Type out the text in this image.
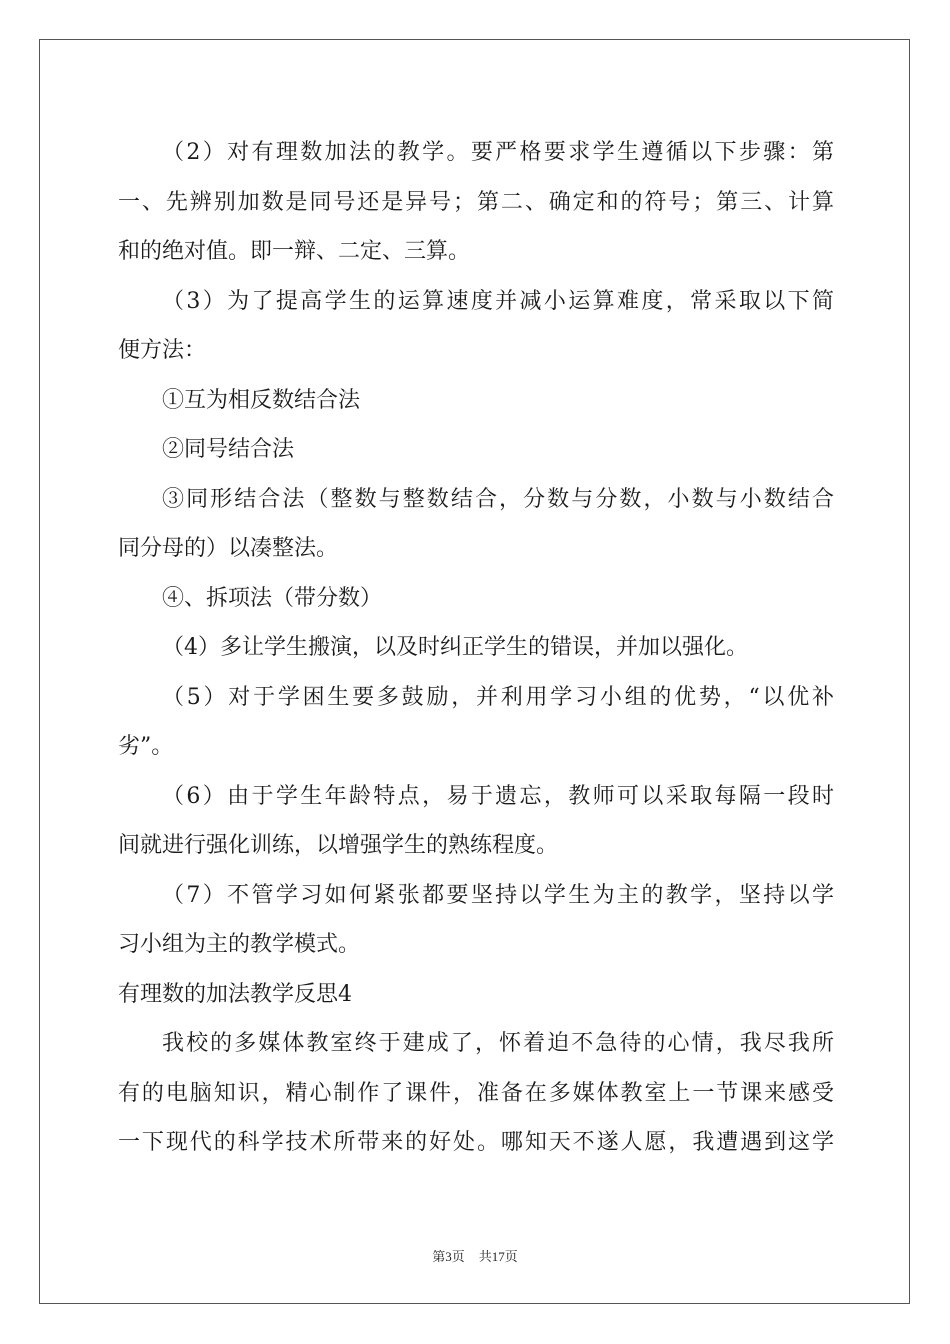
（2）对有理数加法的教学。要严格要求学生遵循以下步骤：第
一、先辨别加数是同号还是异号；第二、确定和的符号；第三、计算
和的绝对值。即一辩、二定、三算。
（3）为了提高学生的运算速度并减小运算难度，常采取以下简
便方法：
①互为相反数结合法
②同号结合法
③同形结合法（整数与整数结合，分数与分数，小数与小数结合
同分母的）以凑整法。
④、拆项法（带分数）
（4）多让学生搬演，以及时纠正学生的错误，并加以强化。
（5）对于学困生要多鼓励，并利用学习小组的优势，“以优补
劣”。
（6）由于学生年龄特点，易于遗忘，教师可以采取每隔一段时
间就进行强化训练，以增强学生的熟练程度。
（7）不管学习如何紧张都要坚持以学生为主的教学，坚持以学
习小组为主的教学模式。
有理数的加法教学反思4
我校的多媒体教室终于建成了，怀着迫不急待的心情，我尽我所
有的电脑知识，精心制作了课件，准备在多媒体教室上一节课来感受
一下现代的科学技术所带来的好处。哪知天不遂人愿，我遭遇到这学
第3页 共17页
